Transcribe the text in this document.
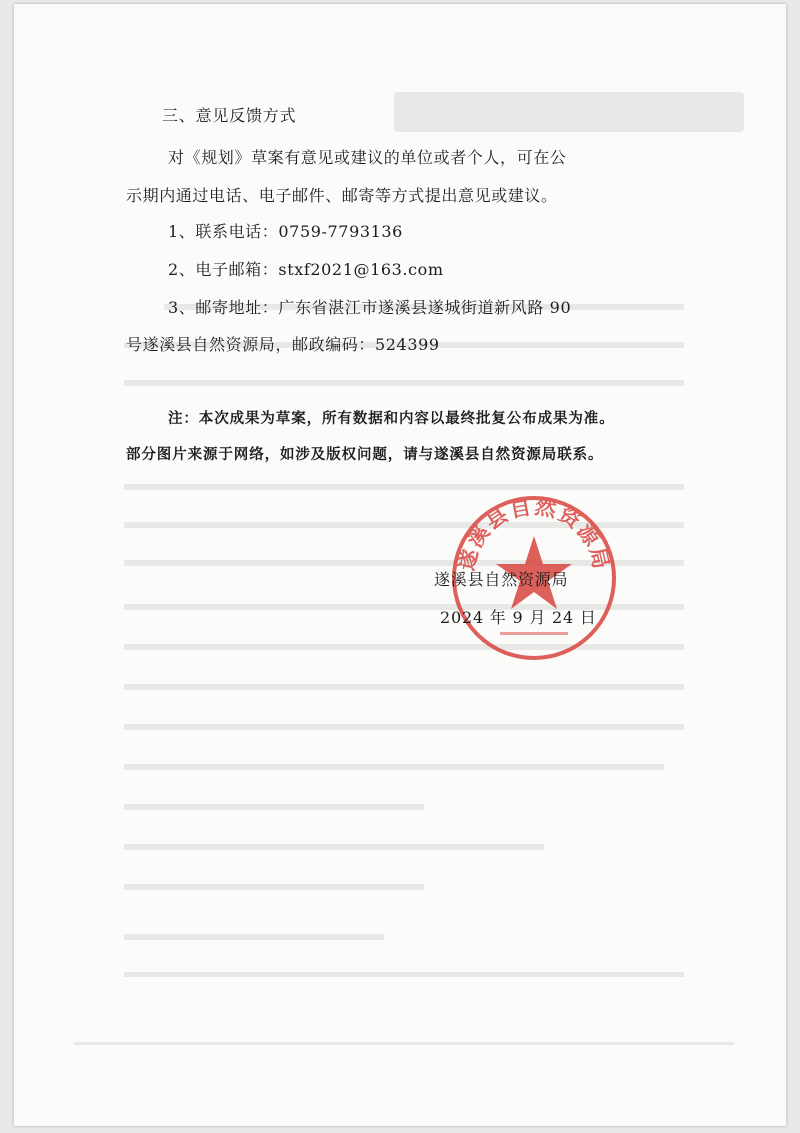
三、意见反馈方式
对《规划》草案有意见或建议的单位或者个人，可在公
示期内通过电话、电子邮件、邮寄等方式提出意见或建议。
1、联系电话：0759-7793136
2、电子邮箱：stxf2021@163.com
3、邮寄地址：广东省湛江市遂溪县遂城街道新风路 90
号遂溪县自然资源局，邮政编码：524399
注：本次成果为草案，所有数据和内容以最终批复公布成果为准。
部分图片来源于网络，如涉及版权问题，请与遂溪县自然资源局联系。
遂溪县自然资源局
遂溪县自然资源局
2024 年 9 月 24 日
